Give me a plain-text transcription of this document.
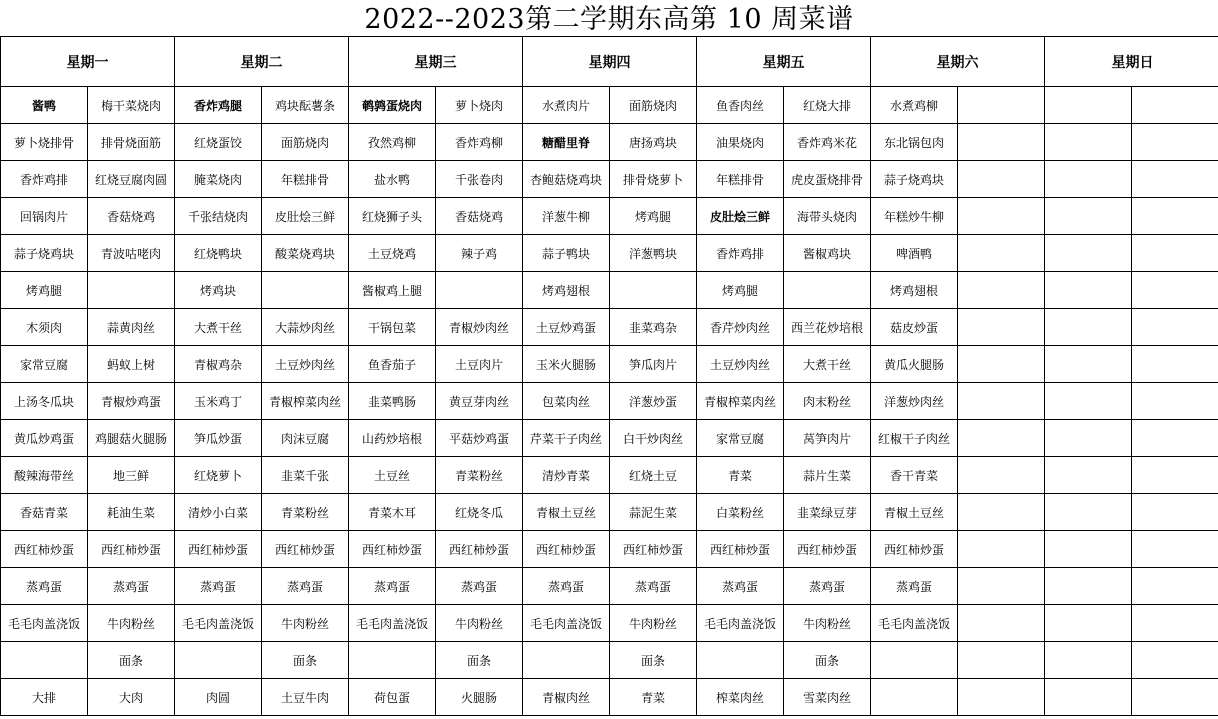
2022--2023第二学期东高第 10 周菜谱
星期一		星期二		星期三		星期四		星期五		星期六		星期日	
酱鸭	梅干菜烧肉	香炸鸡腿	鸡块酝薯条	鹌鹑蛋烧肉	萝卜烧肉	水煮肉片	面筋烧肉	鱼香肉丝	红烧大排	水煮鸡柳			
萝卜烧排骨	排骨烧面筋	红烧蛋饺	面筋烧肉	孜然鸡柳	香炸鸡柳	糖醋里脊	唐扬鸡块	油果烧肉	香炸鸡米花	东北锅包肉			
香炸鸡排	红烧豆腐肉圆	腌菜烧肉	年糕排骨	盐水鸭	千张卷肉	杏鲍菇烧鸡块	排骨烧萝卜	年糕排骨	虎皮蛋烧排骨	蒜子烧鸡块			
回锅肉片	香菇烧鸡	千张结烧肉	皮肚烩三鲜	红烧狮子头	香菇烧鸡	洋葱牛柳	烤鸡腿	皮肚烩三鲜	海带头烧肉	年糕炒牛柳			
蒜子烧鸡块	青波咕咾肉	红烧鸭块	酸菜烧鸡块	土豆烧鸡	辣子鸡	蒜子鸭块	洋葱鸭块	香炸鸡排	酱椒鸡块	啤酒鸭			
烤鸡腿		烤鸡块		酱椒鸡上腿		烤鸡翅根		烤鸡腿		烤鸡翅根			
木须肉	蒜黄肉丝	大煮干丝	大蒜炒肉丝	干锅包菜	青椒炒肉丝	土豆炒鸡蛋	韭菜鸡杂	香芹炒肉丝	西兰花炒培根	菇皮炒蛋			
家常豆腐	蚂蚁上树	青椒鸡杂	土豆炒肉丝	鱼香茄子	土豆肉片	玉米火腿肠	笋瓜肉片	土豆炒肉丝	大煮干丝	黄瓜火腿肠			
上汤冬瓜块	青椒炒鸡蛋	玉米鸡丁	青椒榨菜肉丝	韭菜鸭肠	黄豆芽肉丝	包菜肉丝	洋葱炒蛋	青椒榨菜肉丝	肉末粉丝	洋葱炒肉丝			
黄瓜炒鸡蛋	鸡腿菇火腿肠	笋瓜炒蛋	肉沫豆腐	山药炒培根	平菇炒鸡蛋	芹菜干子肉丝	白干炒肉丝	家常豆腐	莴笋肉片	红椒干子肉丝			
酸辣海带丝	地三鲜	红烧萝卜	韭菜千张	土豆丝	青菜粉丝	清炒青菜	红烧土豆	青菜	蒜片生菜	香干青菜			
香菇青菜	耗油生菜	清炒小白菜	青菜粉丝	青菜木耳	红烧冬瓜	青椒土豆丝	蒜泥生菜	白菜粉丝	韭菜绿豆芽	青椒土豆丝			
西红柿炒蛋	西红柿炒蛋	西红柿炒蛋	西红柿炒蛋	西红柿炒蛋	西红柿炒蛋	西红柿炒蛋	西红柿炒蛋	西红柿炒蛋	西红柿炒蛋	西红柿炒蛋			
蒸鸡蛋	蒸鸡蛋	蒸鸡蛋	蒸鸡蛋	蒸鸡蛋	蒸鸡蛋	蒸鸡蛋	蒸鸡蛋	蒸鸡蛋	蒸鸡蛋	蒸鸡蛋			
毛毛肉盖浇饭	牛肉粉丝	毛毛肉盖浇饭	牛肉粉丝	毛毛肉盖浇饭	牛肉粉丝	毛毛肉盖浇饭	牛肉粉丝	毛毛肉盖浇饭	牛肉粉丝	毛毛肉盖浇饭			
	面条		面条		面条		面条		面条				
大排	大肉	肉圆	土豆牛肉	荷包蛋	火腿肠	青椒肉丝	青菜	榨菜肉丝	雪菜肉丝				
